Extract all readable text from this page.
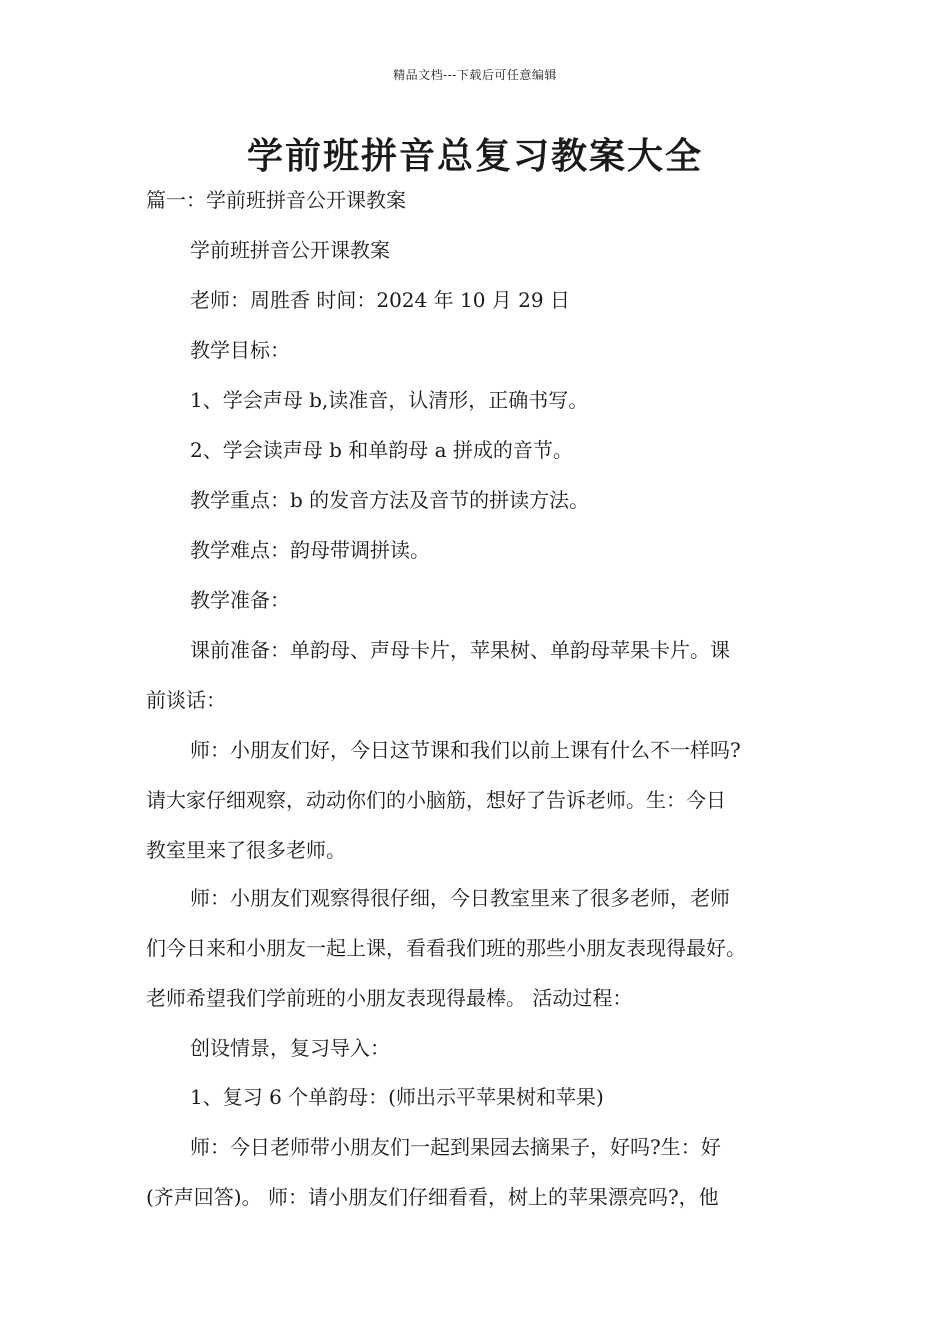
精品文档---下载后可任意编辑
学前班拼音总复习教案大全
篇一：学前班拼音公开课教案
学前班拼音公开课教案
老师：周胜香 时间：2024 年 10 月 29 日
教学目标：
1、学会声母 b,读准音，认清形，正确书写。
2、学会读声母 b 和单韵母 a 拼成的音节。
教学重点：b 的发音方法及音节的拼读方法。
教学难点：韵母带调拼读。
教学准备：
课前准备：单韵母、声母卡片，苹果树、单韵母苹果卡片。课
前谈话：
师：小朋友们好，今日这节课和我们以前上课有什么不一样吗?
请大家仔细观察，动动你们的小脑筋，想好了告诉老师。生：今日
教室里来了很多老师。
师：小朋友们观察得很仔细，今日教室里来了很多老师，老师
们今日来和小朋友一起上课，看看我们班的那些小朋友表现得最好。
老师希望我们学前班的小朋友表现得最棒。 活动过程：
创设情景，复习导入：
1、复习 6 个单韵母：(师出示平苹果树和苹果)
师：今日老师带小朋友们一起到果园去摘果子，好吗?生：好
(齐声回答)。 师：请小朋友们仔细看看，树上的苹果漂亮吗?，他
